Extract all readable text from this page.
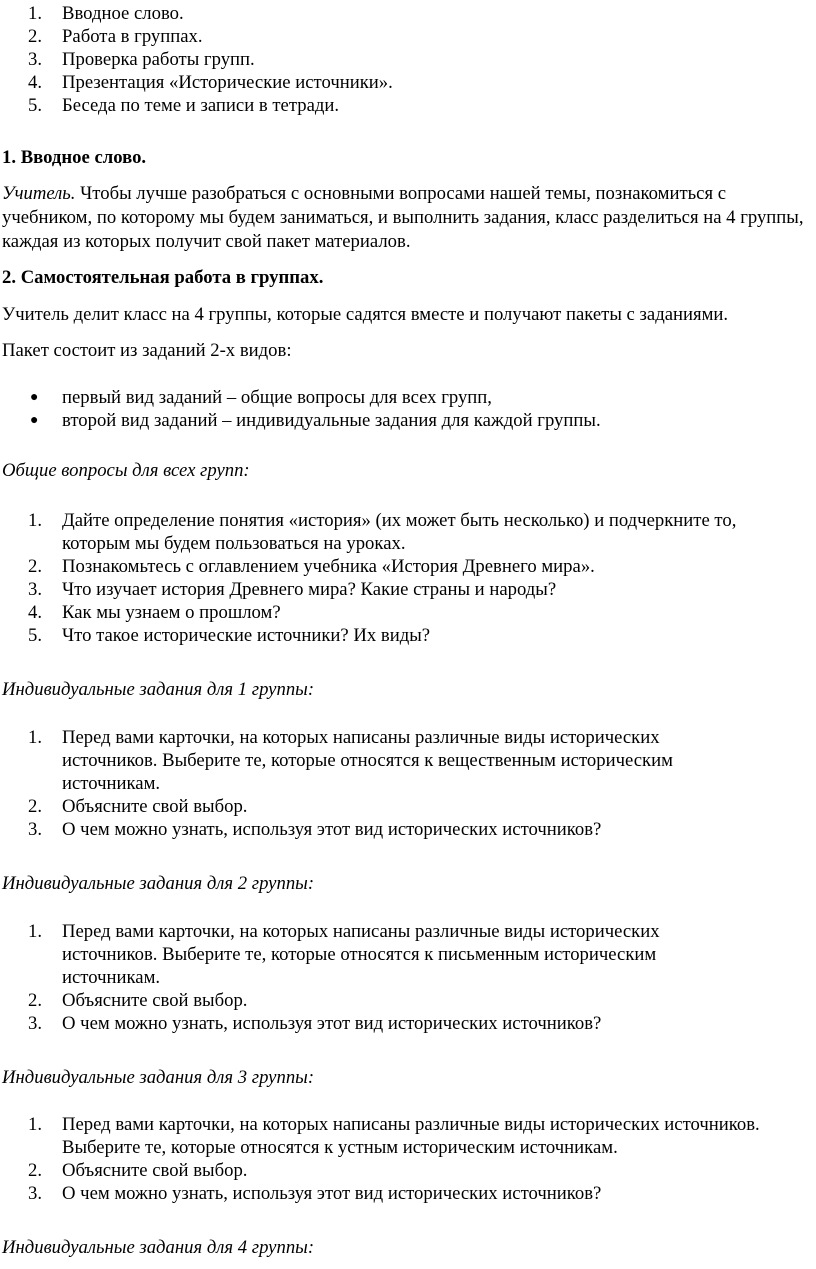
1.	Вводное слово.
2.	Работа в группах.
3.	Проверка работы групп.
4.	Презентация «Исторические источники».
5.	Беседа по теме и записи в тетради.
1. Вводное слово.
Учитель. Чтобы лучше разобраться с основными вопросами нашей темы, познакомиться с учебником, по которому мы будем заниматься, и выполнить задания, класс разделиться на 4 группы, каждая из которых получит свой пакет материалов.
2. Самостоятельная работа в группах.
Учитель делит класс на 4 группы, которые садятся вместе и получают пакеты с заданиями.
Пакет состоит из заданий 2-х видов:
● первый вид заданий – общие вопросы для всех групп,
● второй вид заданий – индивидуальные задания для каждой группы.
Общие вопросы для всех групп:
1.	Дайте определение понятия «история» (их может быть несколько) и подчеркните то, которым мы будем пользоваться на уроках.
2.	Познакомьтесь с оглавлением учебника «История Древнего мира».
3.	Что изучает история Древнего мира? Какие страны и народы?
4.	Как мы узнаем о прошлом?
5.	Что такое исторические источники? Их виды?
Индивидуальные задания для 1 группы:
1.	Перед вами карточки, на которых написаны различные виды исторических источников. Выберите те, которые относятся к вещественным историческим источникам.
2.	Объясните свой выбор.
3.	О чем можно узнать, используя этот вид исторических источников?
Индивидуальные задания для 2 группы:
1.	Перед вами карточки, на которых написаны различные виды исторических источников. Выберите те, которые относятся к письменным историческим источникам.
2.	Объясните свой выбор.
3.	О чем можно узнать, используя этот вид исторических источников?
Индивидуальные задания для 3 группы:
1.	Перед вами карточки, на которых написаны различные виды исторических источников. Выберите те, которые относятся к устным историческим источникам.
2.	Объясните свой выбор.
3.	О чем можно узнать, используя этот вид исторических источников?
Индивидуальные задания для 4 группы:
